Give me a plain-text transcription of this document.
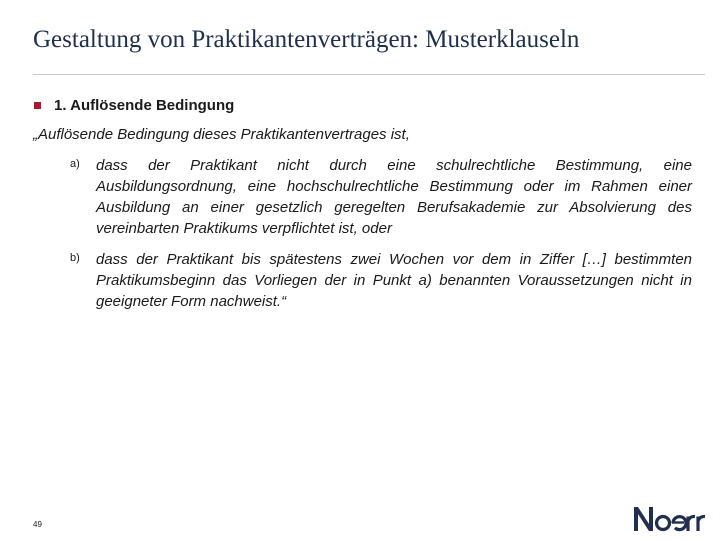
Gestaltung von Praktikantenverträgen: Musterklauseln
1. Auflösende Bedingung
„Auflösende Bedingung dieses Praktikantenvertrages ist,
a)	dass der Praktikant nicht durch eine schulrechtliche Bestimmung, eine Ausbildungsordnung, eine hochschulrechtliche Bestimmung oder im Rahmen einer Ausbildung an einer gesetzlich geregelten Berufsakademie zur Absolvierung des vereinbarten Praktikums verpflichtet ist, oder
b)	dass der Praktikant bis spätestens zwei Wochen vor dem in Ziffer […] bestimmten Praktikumsbeginn das Vorliegen der in Punkt a) benannten Voraussetzungen nicht in geeigneter Form nachweist.“
49
